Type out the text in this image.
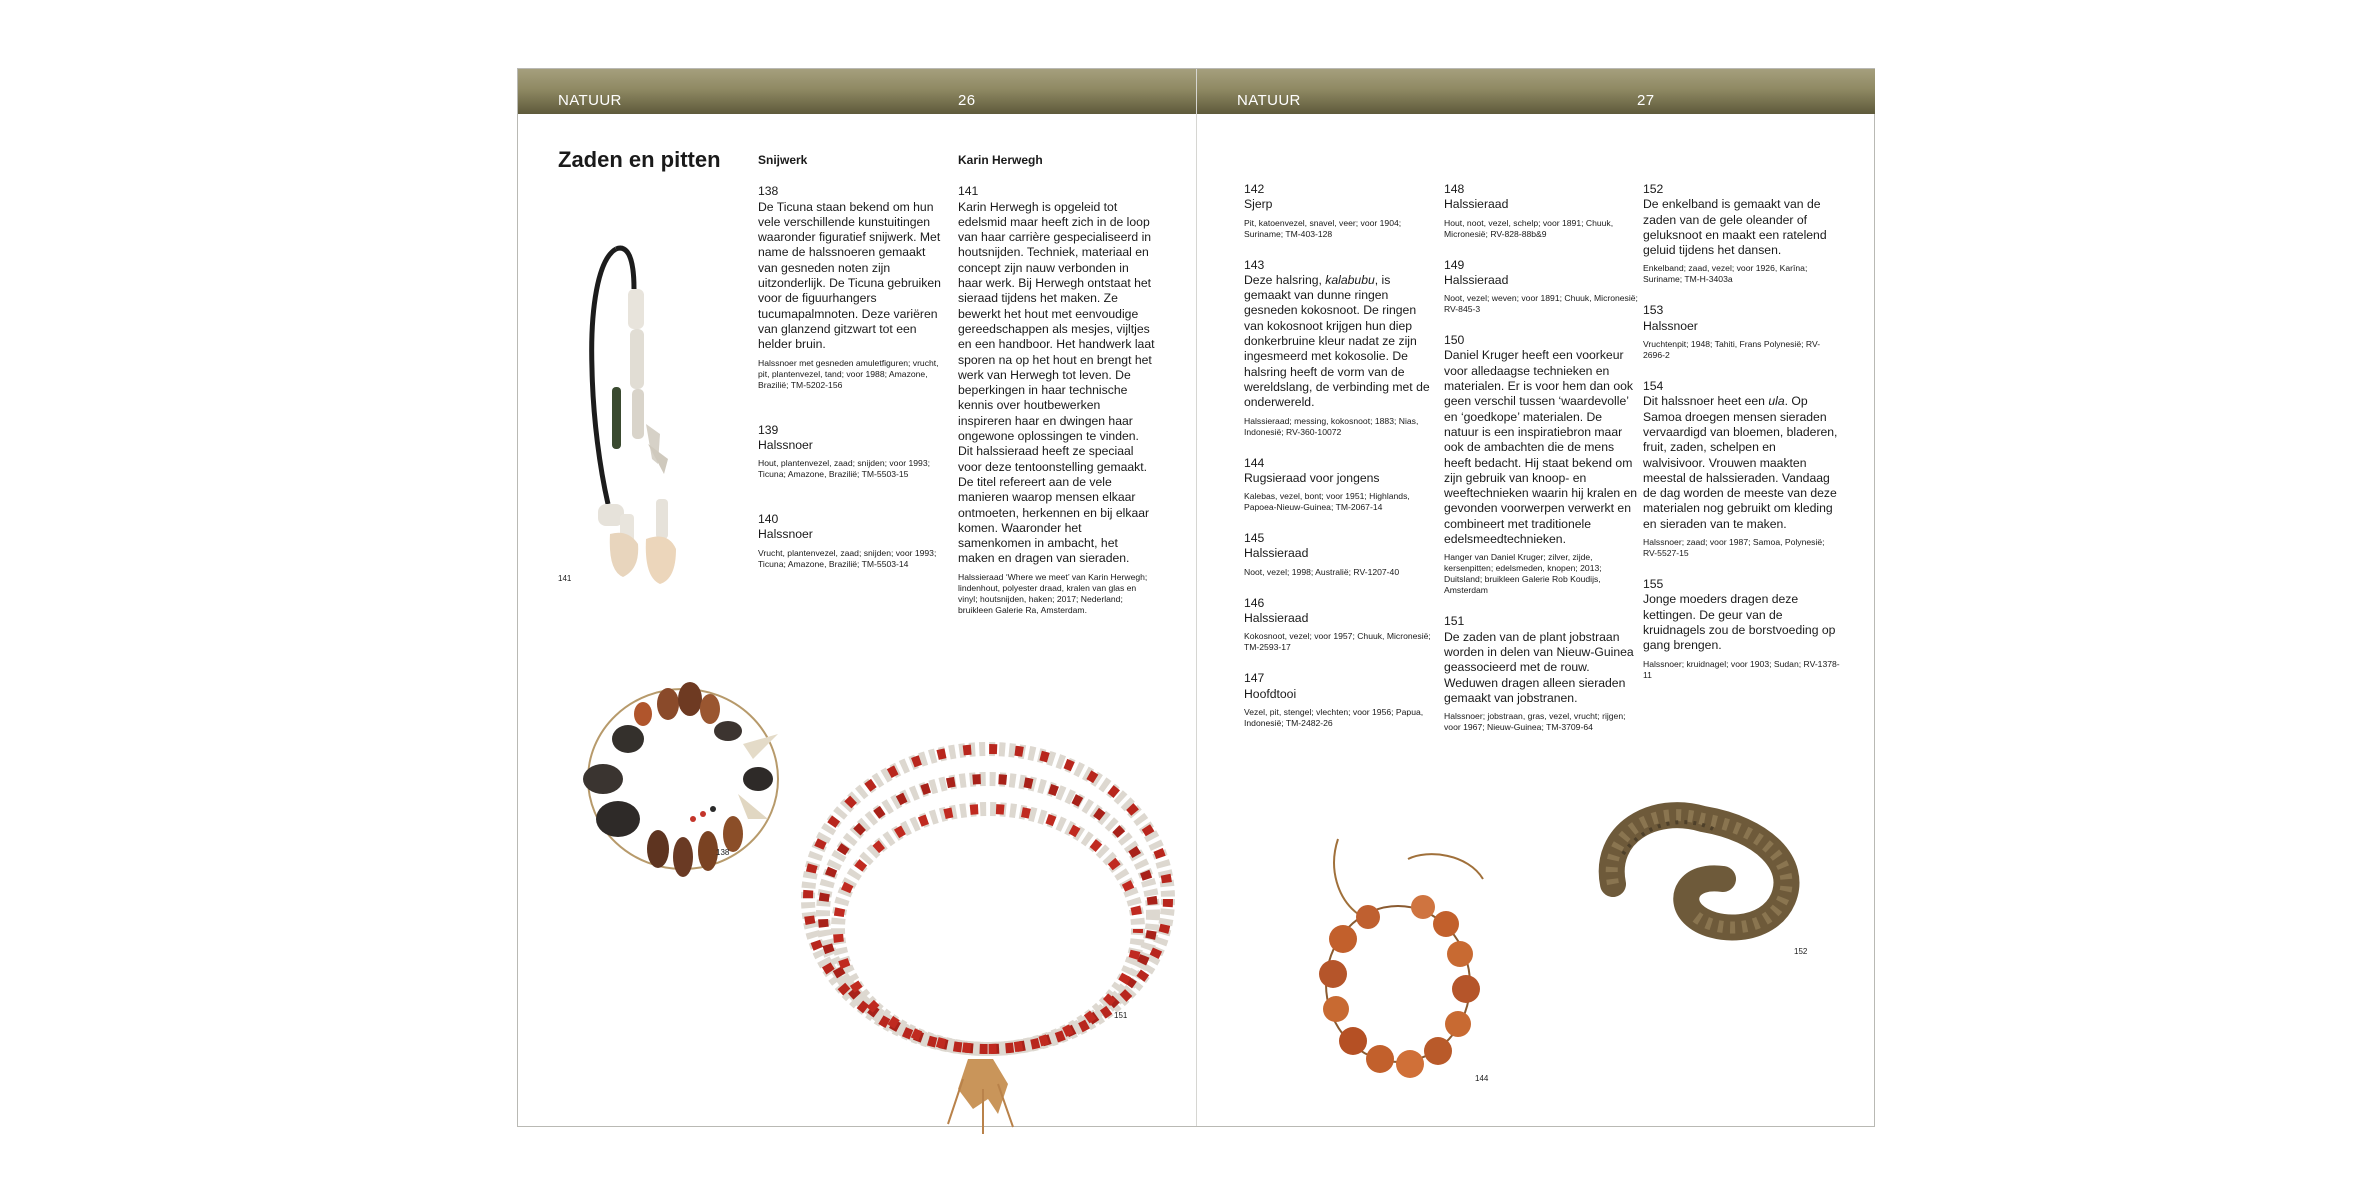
NATUUR	26	NATUUR	27
Zaden en pitten	Snijwerk
138
De Ticuna staan bekend om hun vele verschillende kunstuitingen waaronder figuratief snijwerk. Met name de halssnoeren gemaakt van gesneden noten zijn uitzonderlijk. De Ticuna gebruiken voor de figuurhangers tucumapalmnoten. Deze variëren van glanzend gitzwart tot een helder bruin.
Halssnoer met gesneden amuletfiguren; vrucht, pit, plantenvezel, tand; voor 1988; Amazone, Brazilië; TM-5202-156
139
Halssnoer
Hout, plantenvezel, zaad; snijden; voor 1993; Ticuna; Amazone, Brazilië; TM-5503-15
140
Halssnoer
Vrucht, plantenvezel, zaad; snijden; voor 1993; Ticuna; Amazone, Brazilië; TM-5503-14
Karin Herwegh
141
Karin Herwegh is opgeleid tot edelsmid maar heeft zich in de loop van haar carrière gespecialiseerd in houtsnijden. Techniek, materiaal en concept zijn nauw verbonden in haar werk. Bij Herwegh ontstaat het sieraad tijdens het maken. Ze bewerkt het hout met eenvoudige gereedschappen als mesjes, vijltjes en een handboor. Het handwerk laat sporen na op het hout en brengt het werk van Herwegh tot leven. De beperkingen in haar technische kennis over houtbewerken inspireren haar en dwingen haar ongewone oplossingen te vinden. Dit halssieraad heeft ze speciaal voor deze tentoonstelling gemaakt. De titel refereert aan de vele manieren waarop mensen elkaar ontmoeten, herkennen en bij elkaar komen. Waaronder het samenkomen in ambacht, het maken en dragen van sieraden.
Halssieraad ‘Where we meet’ van Karin Herwegh; lindenhout, polyester draad, kralen van glas en vinyl; houtsnijden, haken; 2017; Nederland; bruikleen Galerie Ra, Amsterdam.
142
Sjerp
Pit, katoenvezel, snavel, veer; voor 1904; Suriname; TM-403-128
143
Deze halsring, kalabubu, is gemaakt van dunne ringen gesneden kokosnoot. De ringen van kokosnoot krijgen hun diep donkerbruine kleur nadat ze zijn ingesmeerd met kokosolie. De halsring heeft de vorm van de wereldslang, de verbinding met de onderwereld.
Halssieraad; messing, kokosnoot; 1883; Nias, Indonesië; RV-360-10072
144
Rugsieraad voor jongens
Kalebas, vezel, bont; voor 1951; Highlands, Papoea-Nieuw-Guinea; TM-2067-14
145
Halssieraad
Noot, vezel; 1998; Australië; RV-1207-40
146
Halssieraad
Kokosnoot, vezel; voor 1957; Chuuk, Micronesië; TM-2593-17
147
Hoofdtooi
Vezel, pit, stengel; vlechten; voor 1956; Papua, Indonesië; TM-2482-26
148
Halssieraad
Hout, noot, vezel, schelp; voor 1891; Chuuk, Micronesië; RV-828-88b&9
149
Halssieraad
Noot, vezel; weven; voor 1891; Chuuk, Micronesië; RV-845-3
150
Daniel Kruger heeft een voorkeur voor alledaagse technieken en materialen. Er is voor hem dan ook geen verschil tussen ‘waardevolle’ en ‘goedkope’ materialen. De natuur is een inspiratiebron maar ook de ambachten die de mens heeft bedacht. Hij staat bekend om zijn gebruik van knoop- en weeftechnieken waarin hij kralen en gevonden voorwerpen verwerkt en combineert met traditionele edelsmeedtechnieken.
Hanger van Daniel Kruger; zilver, zijde, kersenpitten; edelsmeden, knopen; 2013; Duitsland; bruikleen Galerie Rob Koudijs, Amsterdam
151
De zaden van de plant jobstraan worden in delen van Nieuw-Guinea geassocieerd met de rouw. Weduwen dragen alleen sieraden gemaakt van jobstranen.
Halssnoer; jobstraan, gras, vezel, vrucht; rijgen; voor 1967; Nieuw-Guinea; TM-3709-64
152
De enkelband is gemaakt van de zaden van de gele oleander of geluksnoot en maakt een ratelend geluid tijdens het dansen.
Enkelband; zaad, vezel; voor 1926, Karīna; Suriname; TM-H-3403a
153
Halssnoer
Vruchtenpit; 1948; Tahiti, Frans Polynesië; RV-2696-2
154
Dit halssnoer heet een ula. Op Samoa droegen mensen sieraden vervaardigd van bloemen, bladeren, fruit, zaden, schelpen en walvisivoor. Vrouwen maakten meestal de halssieraden. Vandaag de dag worden de meeste van deze materialen nog gebruikt om kleding en sieraden van te maken.
Halssnoer; zaad; voor 1987; Samoa, Polynesië; RV-5527-15
155
Jonge moeders dragen deze kettingen. De geur van de kruidnagels zou de borstvoeding op gang brengen.
Halssnoer; kruidnagel; voor 1903; Sudan; RV-1378-11
141
138
151
144
152
